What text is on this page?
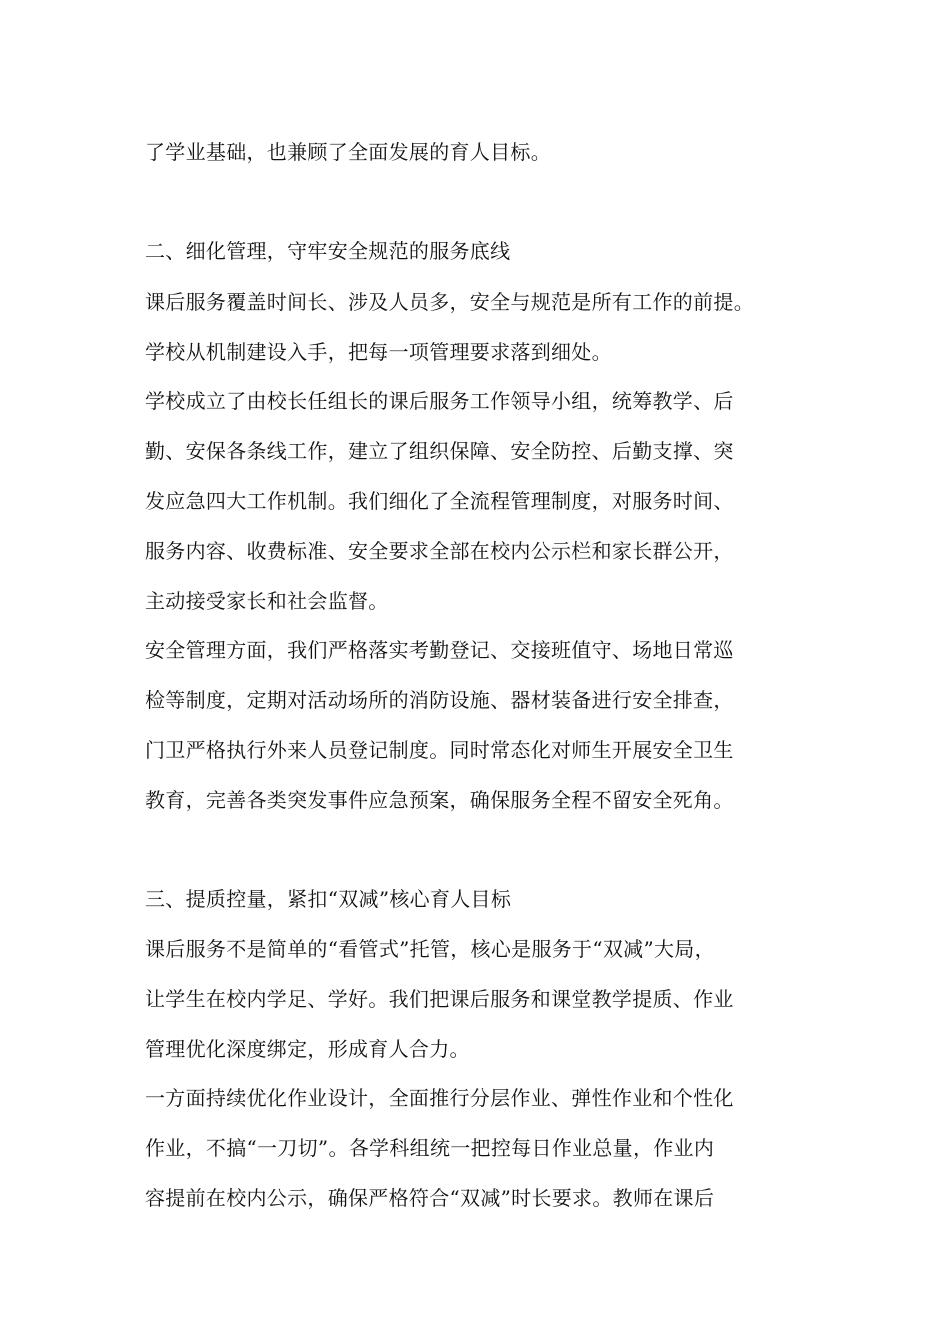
了学业基础，也兼顾了全面发展的育人目标。
二、细化管理，守牢安全规范的服务底线
课后服务覆盖时间长、涉及人员多，安全与规范是所有工作的前提。
学校从机制建设入手，把每一项管理要求落到细处。
学校成立了由校长任组长的课后服务工作领导小组，统筹教学、后
勤、安保各条线工作，建立了组织保障、安全防控、后勤支撑、突
发应急四大工作机制。我们细化了全流程管理制度，对服务时间、
服务内容、收费标准、安全要求全部在校内公示栏和家长群公开，
主动接受家长和社会监督。
安全管理方面，我们严格落实考勤登记、交接班值守、场地日常巡
检等制度，定期对活动场所的消防设施、器材装备进行安全排查，
门卫严格执行外来人员登记制度。同时常态化对师生开展安全卫生
教育，完善各类突发事件应急预案，确保服务全程不留安全死角。
三、提质控量，紧扣“双减”核心育人目标
课后服务不是简单的“看管式”托管，核心是服务于“双减”大局，
让学生在校内学足、学好。我们把课后服务和课堂教学提质、作业
管理优化深度绑定，形成育人合力。
一方面持续优化作业设计，全面推行分层作业、弹性作业和个性化
作业，不搞“一刀切”。各学科组统一把控每日作业总量，作业内
容提前在校内公示，确保严格符合“双减”时长要求。教师在课后
